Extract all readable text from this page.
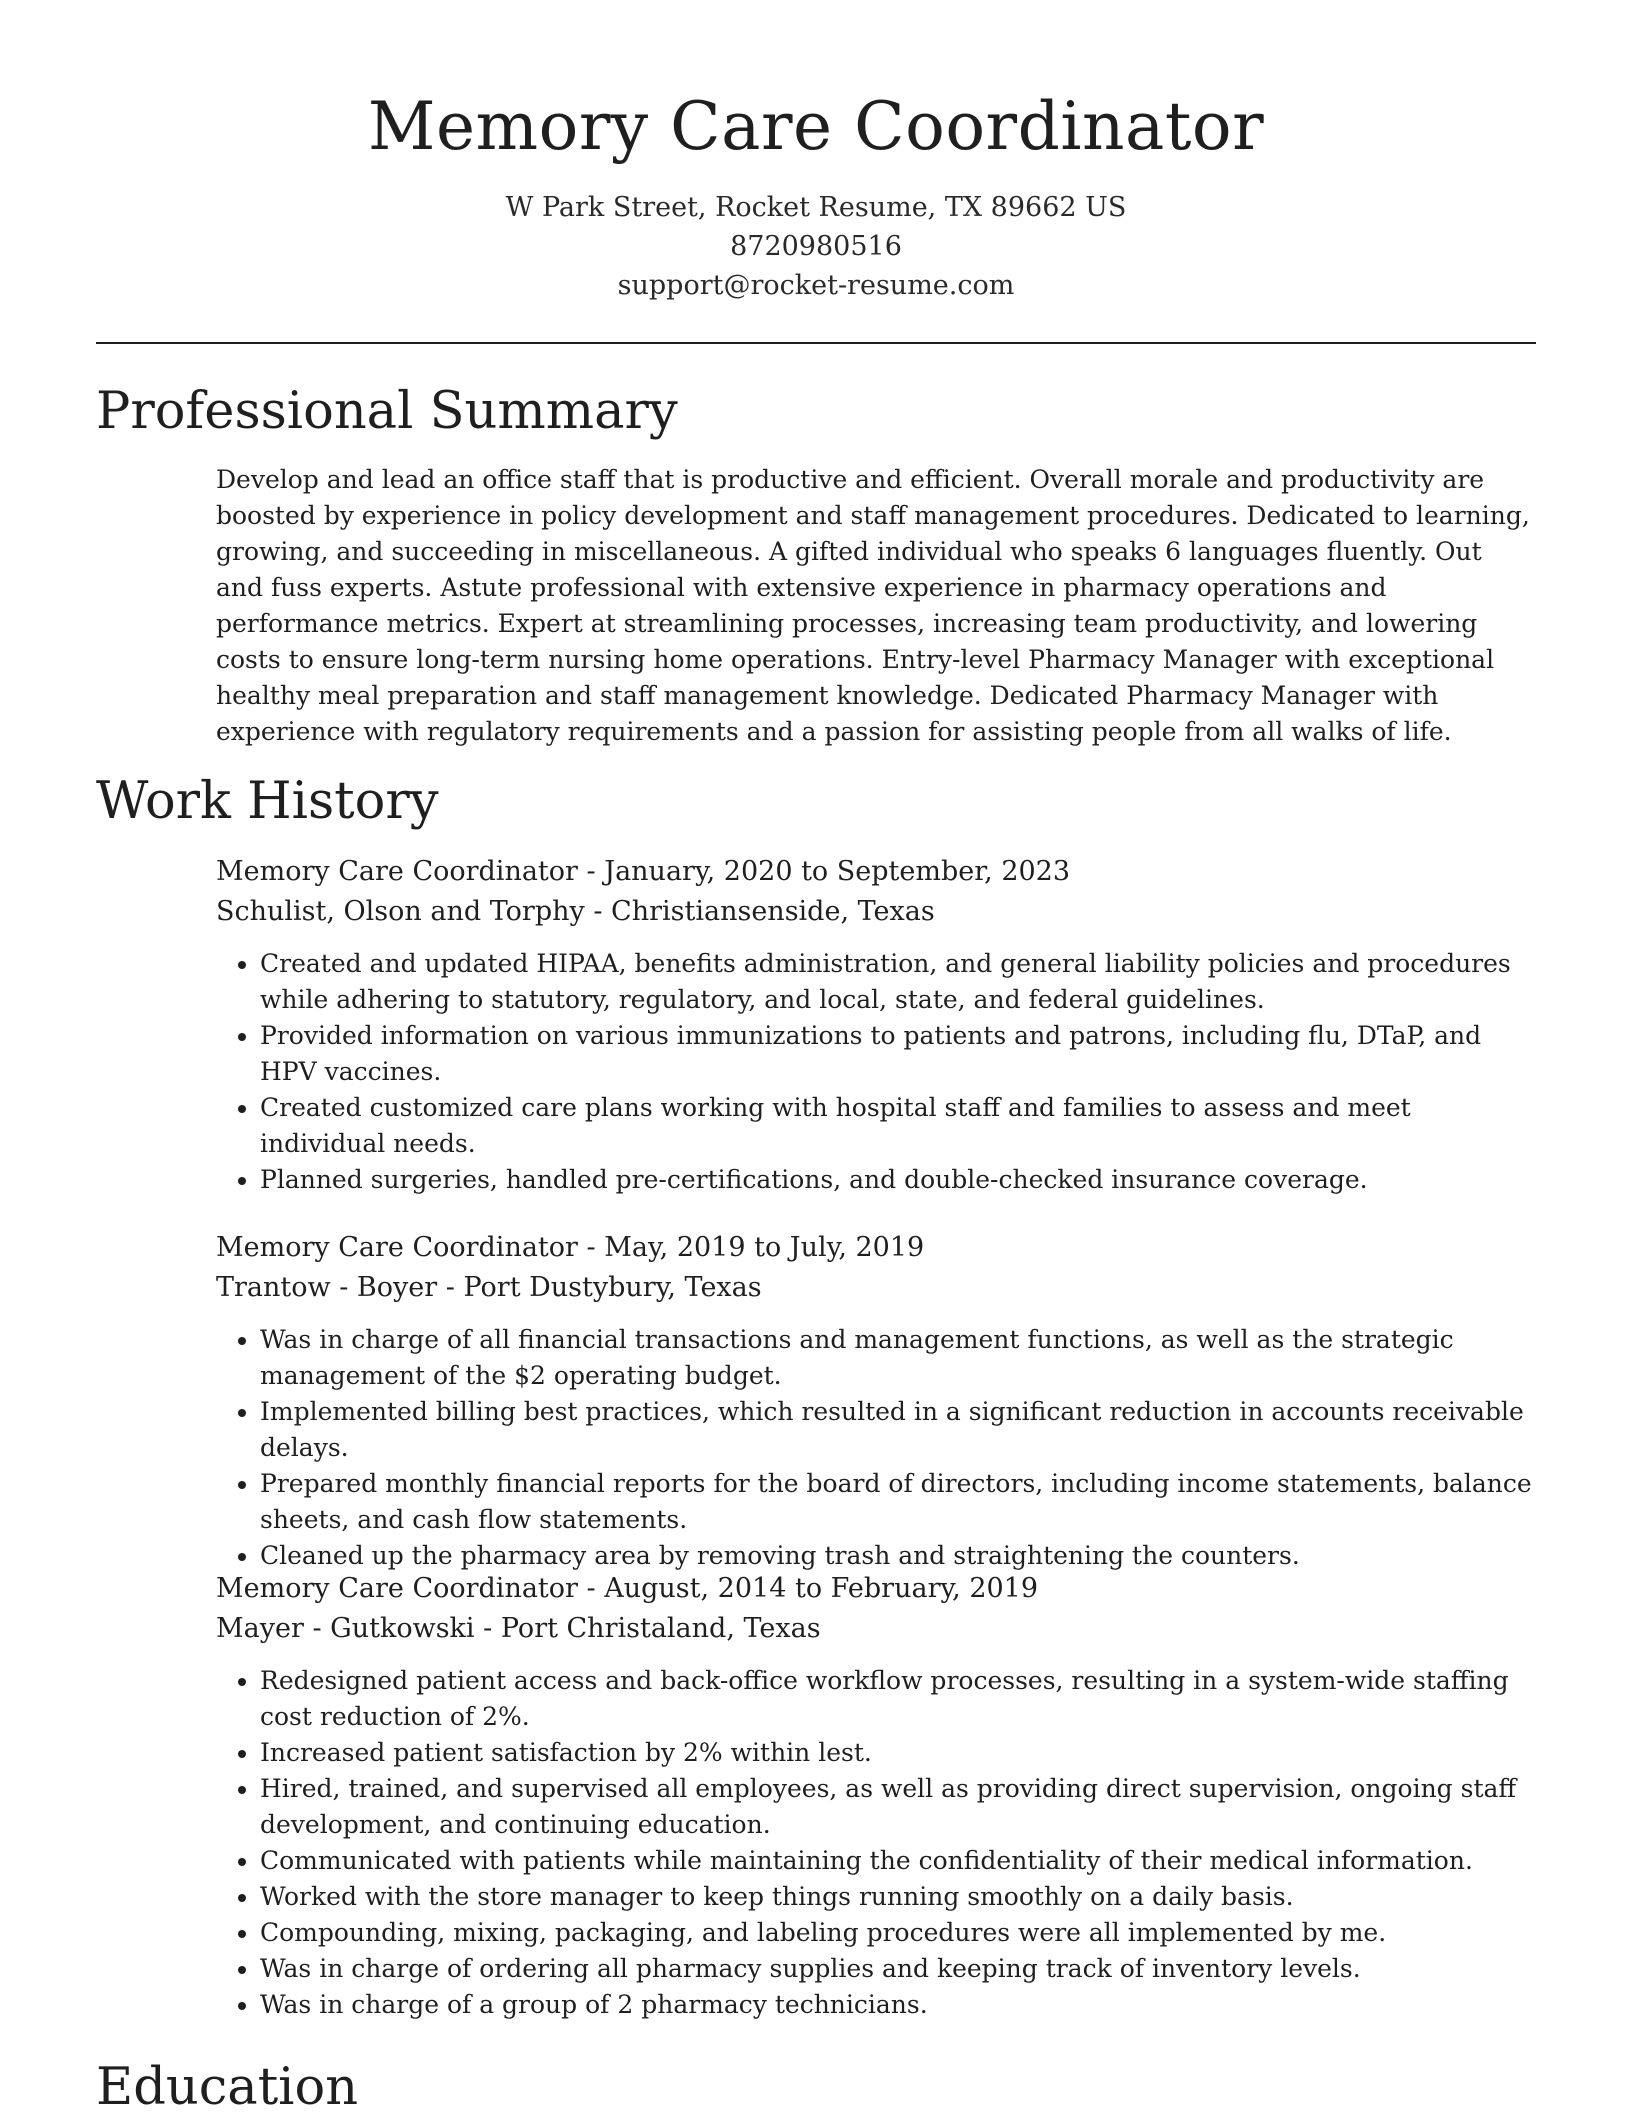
Memory Care Coordinator
W Park Street, Rocket Resume, TX 89662 US
8720980516
support@rocket-resume.com
Professional Summary

Develop and lead an office staff that is productive and efficient. Overall morale and productivity are boosted by experience in policy development and staff management procedures. Dedicated to learning, growing, and succeeding in miscellaneous. A gifted individual who speaks 6 languages fluently. Out and fuss experts. Astute professional with extensive experience in pharmacy operations and performance metrics. Expert at streamlining processes, increasing team productivity, and lowering costs to ensure long-term nursing home operations. Entry-level Pharmacy Manager with exceptional healthy meal preparation and staff management knowledge. Dedicated Pharmacy Manager with experience with regulatory requirements and a passion for assisting people from all walks of life.

Work History
Memory Care Coordinator - January, 2020 to September, 2023
Schulist, Olson and Torphy - Christiansenside, Texas
• Created and updated HIPAA, benefits administration, and general liability policies and procedures while adhering to statutory, regulatory, and local, state, and federal guidelines.
• Provided information on various immunizations to patients and patrons, including flu, DTaP, and HPV vaccines.
• Created customized care plans working with hospital staff and families to assess and meet individual needs.
• Planned surgeries, handled pre-certifications, and double-checked insurance coverage.
Memory Care Coordinator - May, 2019 to July, 2019
Trantow - Boyer - Port Dustybury, Texas
• Was in charge of all financial transactions and management functions, as well as the strategic management of the $2 operating budget.
• Implemented billing best practices, which resulted in a significant reduction in accounts receivable delays.
• Prepared monthly financial reports for the board of directors, including income statements, balance sheets, and cash flow statements.
• Cleaned up the pharmacy area by removing trash and straightening the counters.
Memory Care Coordinator - August, 2014 to February, 2019
Mayer - Gutkowski - Port Christaland, Texas
• Redesigned patient access and back-office workflow processes, resulting in a system-wide staffing cost reduction of 2%.
• Increased patient satisfaction by 2% within lest.
• Hired, trained, and supervised all employees, as well as providing direct supervision, ongoing staff development, and continuing education.
• Communicated with patients while maintaining the confidentiality of their medical information.
• Worked with the store manager to keep things running smoothly on a daily basis.
• Compounding, mixing, packaging, and labeling procedures were all implemented by me.
• Was in charge of ordering all pharmacy supplies and keeping track of inventory levels.
• Was in charge of a group of 2 pharmacy technicians.
Education
